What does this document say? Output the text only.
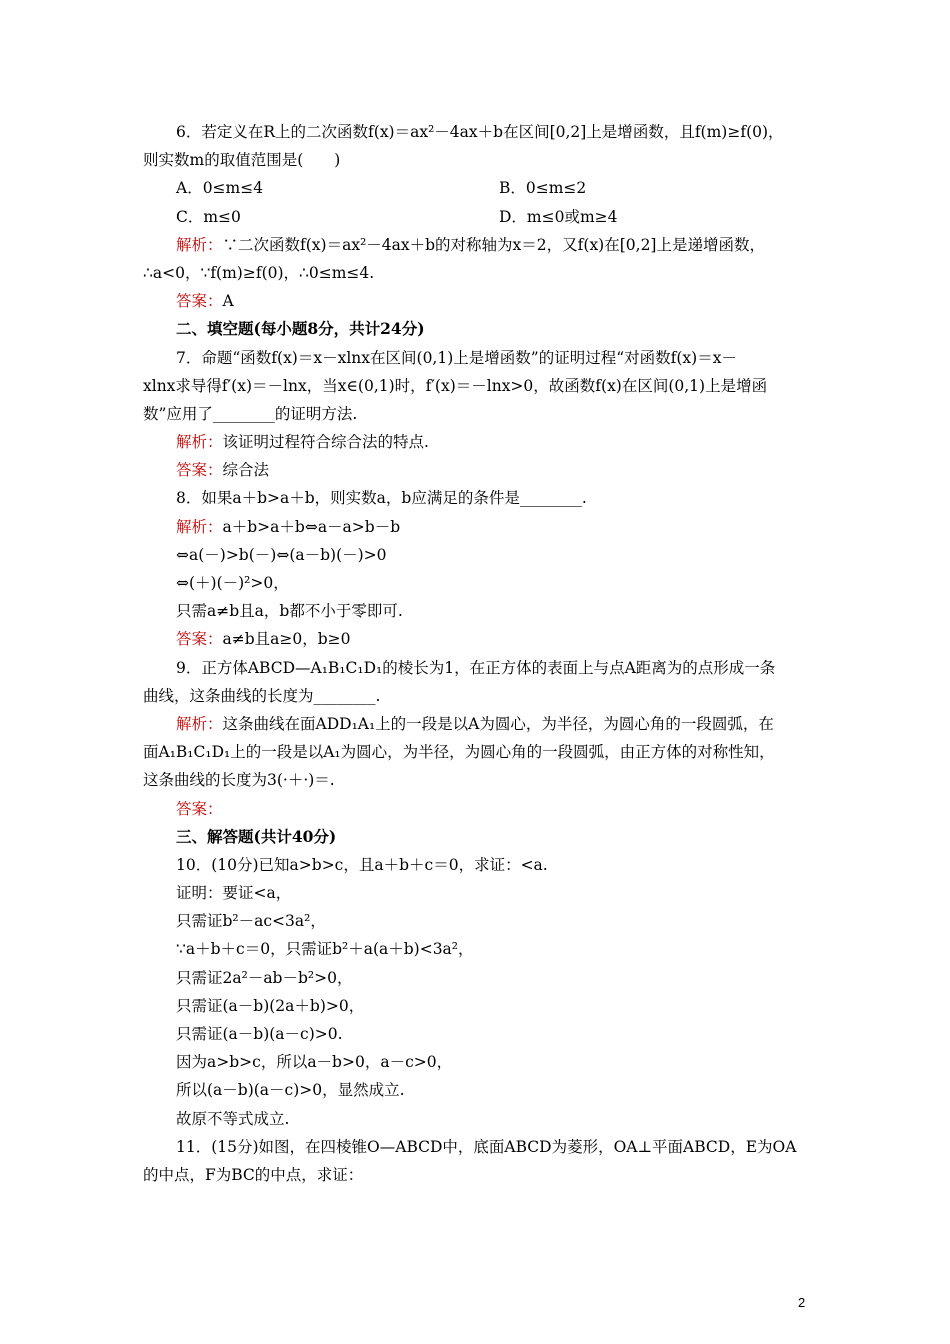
6．若定义在R上的二次函数f(x)＝ax²－4ax＋b在区间[0,2]上是增函数，且f(m)≥f(0)，
则实数m的取值范围是(　　)
A．0≤m≤4	B．0≤m≤2
C．m≤0	D．m≤0或m≥4
解析：∵二次函数f(x)＝ax²－4ax＋b的对称轴为x＝2，又f(x)在[0,2]上是递增函数，
∴a<0，∵f(m)≥f(0)，∴0≤m≤4.
答案：A
二、填空题(每小题8分，共计24分)
7．命题“函数f(x)＝x－xlnx在区间(0,1)上是增函数”的证明过程“对函数f(x)＝x－
xlnx求导得f′(x)＝－lnx，当x∈(0,1)时，f′(x)＝－lnx>0，故函数f(x)在区间(0,1)上是增函
数”应用了________的证明方法.
解析：该证明过程符合综合法的特点.
答案：综合法
8．如果a＋b>a＋b，则实数a，b应满足的条件是________.
解析：a＋b>a＋b⇔a－a>b－b
⇔a(－)>b(－)⇔(a－b)(－)>0
⇔(＋)(－)²>0，
只需a≠b且a，b都不小于零即可.
答案：a≠b且a≥0，b≥0
9．正方体ABCD—A₁B₁C₁D₁的棱长为1，在正方体的表面上与点A距离为的点形成一条
曲线，这条曲线的长度为________.
解析：这条曲线在面ADD₁A₁上的一段是以A为圆心，为半径，为圆心角的一段圆弧，在
面A₁B₁C₁D₁上的一段是以A₁为圆心，为半径，为圆心角的一段圆弧，由正方体的对称性知，
这条曲线的长度为3(·＋·)＝.
答案：
三、解答题(共计40分)
10．(10分)已知a>b>c，且a＋b＋c＝0，求证：<a.
证明：要证<a，
只需证b²－ac<3a²，
∵a＋b＋c＝0，只需证b²＋a(a＋b)<3a²，
只需证2a²－ab－b²>0，
只需证(a－b)(2a＋b)>0，
只需证(a－b)(a－c)>0.
因为a>b>c，所以a－b>0，a－c>0，
所以(a－b)(a－c)>0，显然成立.
故原不等式成立.
11．(15分)如图，在四棱锥O—ABCD中，底面ABCD为菱形，OA⊥平面ABCD，E为OA
的中点，F为BC的中点，求证：
2
